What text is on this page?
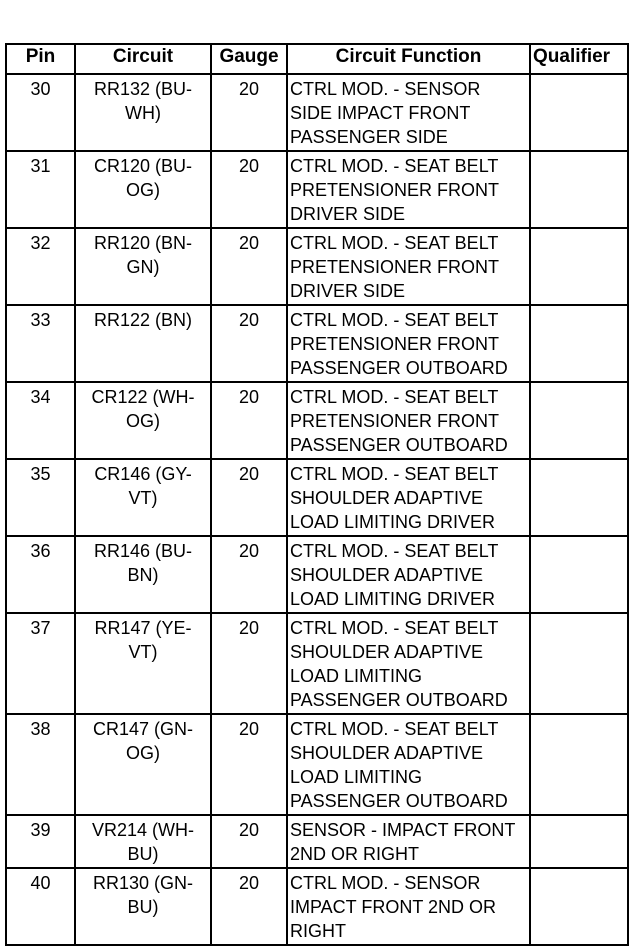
Pin	Circuit	Gauge	Circuit Function	Qualifier
30	RR132 (BU-WH)	20	CTRL MOD. - SENSOR
SIDE IMPACT FRONT
PASSENGER SIDE	
31	CR120 (BU-OG)	20	CTRL MOD. - SEAT BELT
PRETENSIONER FRONT
DRIVER SIDE	
32	RR120 (BN-GN)	20	CTRL MOD. - SEAT BELT
PRETENSIONER FRONT
DRIVER SIDE	
33	RR122 (BN)	20	CTRL MOD. - SEAT BELT
PRETENSIONER FRONT
PASSENGER OUTBOARD	
34	CR122 (WH-OG)	20	CTRL MOD. - SEAT BELT
PRETENSIONER FRONT
PASSENGER OUTBOARD	
35	CR146 (GY-VT)	20	CTRL MOD. - SEAT BELT
SHOULDER ADAPTIVE
LOAD LIMITING DRIVER	
36	RR146 (BU-BN)	20	CTRL MOD. - SEAT BELT
SHOULDER ADAPTIVE
LOAD LIMITING DRIVER	
37	RR147 (YE-VT)	20	CTRL MOD. - SEAT BELT
SHOULDER ADAPTIVE
LOAD LIMITING
PASSENGER OUTBOARD	
38	CR147 (GN-OG)	20	CTRL MOD. - SEAT BELT
SHOULDER ADAPTIVE
LOAD LIMITING
PASSENGER OUTBOARD	
39	VR214 (WH-BU)	20	SENSOR - IMPACT FRONT
2ND OR RIGHT	
40	RR130 (GN-BU)	20	CTRL MOD. - SENSOR
IMPACT FRONT 2ND OR
RIGHT	
